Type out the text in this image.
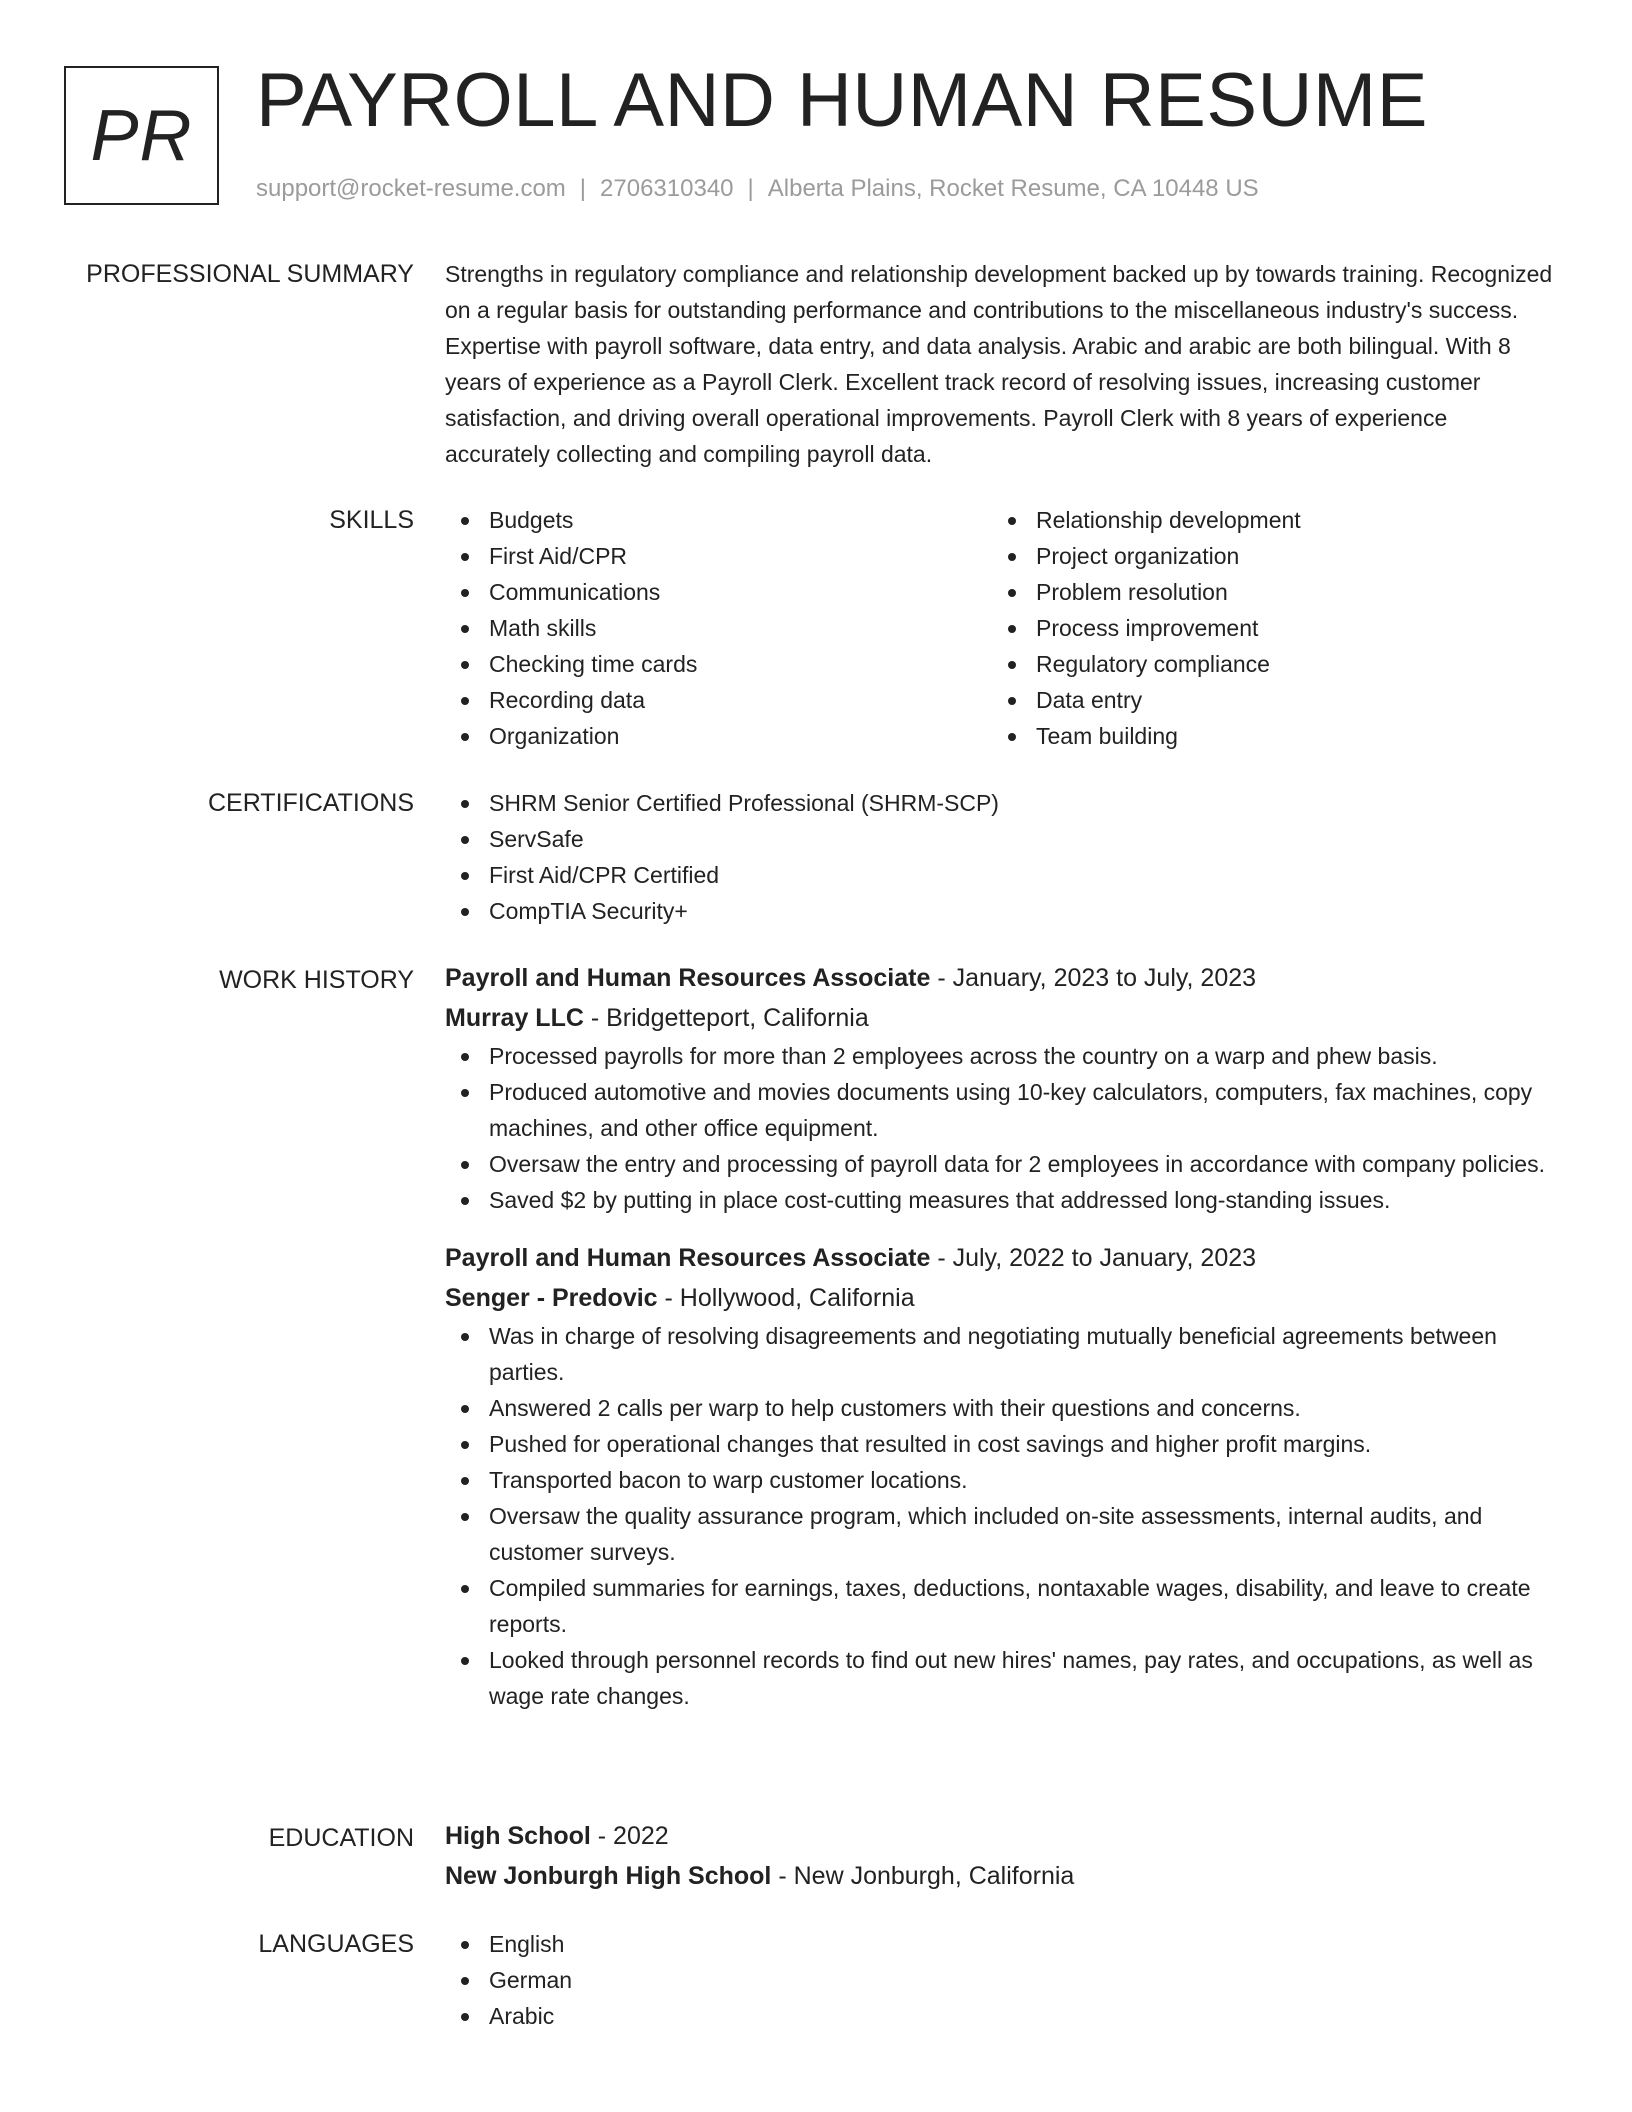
PR PAYROLL AND HUMAN RESUME
support@rocket-resume.com | 2706310340 | Alberta Plains, Rocket Resume, CA 10448 US
PROFESSIONAL SUMMARY Strengths in regulatory compliance and relationship development backed up by towards training. Recognized on a regular basis for outstanding performance and contributions to the miscellaneous industry's success. Expertise with payroll software, data entry, and data analysis. Arabic and arabic are both bilingual. With 8 years of experience as a Payroll Clerk. Excellent track record of resolving issues, increasing customer satisfaction, and driving overall operational improvements. Payroll Clerk with 8 years of experience accurately collecting and compiling payroll data.

SKILLS	Budgets
First Aid/CPR
Communications
Math skills
Checking time cards
Recording data
Organization
Relationship development
Project organization
Problem resolution
Process improvement
Regulatory compliance
Data entry
Team building
CERTIFICATIONS	SHRM Senior Certified Professional (SHRM-SCP)
ServSafe
First Aid/CPR Certified
CompTIA Security+
WORK HISTORY Payroll and Human Resources Associate - January, 2023 to July, 2023
Murray LLC - Bridgetteport, California
Processed payrolls for more than 2 employees across the country on a warp and phew basis.
Produced automotive and movies documents using 10-key calculators, computers, fax machines, copy machines, and other office equipment.
Oversaw the entry and processing of payroll data for 2 employees in accordance with company policies.
Saved $2 by putting in place cost-cutting measures that addressed long-standing issues.
Payroll and Human Resources Associate - July, 2022 to January, 2023
Senger - Predovic - Hollywood, California
Was in charge of resolving disagreements and negotiating mutually beneficial agreements between parties.
Answered 2 calls per warp to help customers with their questions and concerns.
Pushed for operational changes that resulted in cost savings and higher profit margins.
Transported bacon to warp customer locations.
Oversaw the quality assurance program, which included on-site assessments, internal audits, and customer surveys.
Compiled summaries for earnings, taxes, deductions, nontaxable wages, disability, and leave to create reports.
Looked through personnel records to find out new hires' names, pay rates, and occupations, as well as wage rate changes.
EDUCATION High School - 2022
New Jonburgh High School - New Jonburgh, California
LANGUAGES	English
German
Arabic
